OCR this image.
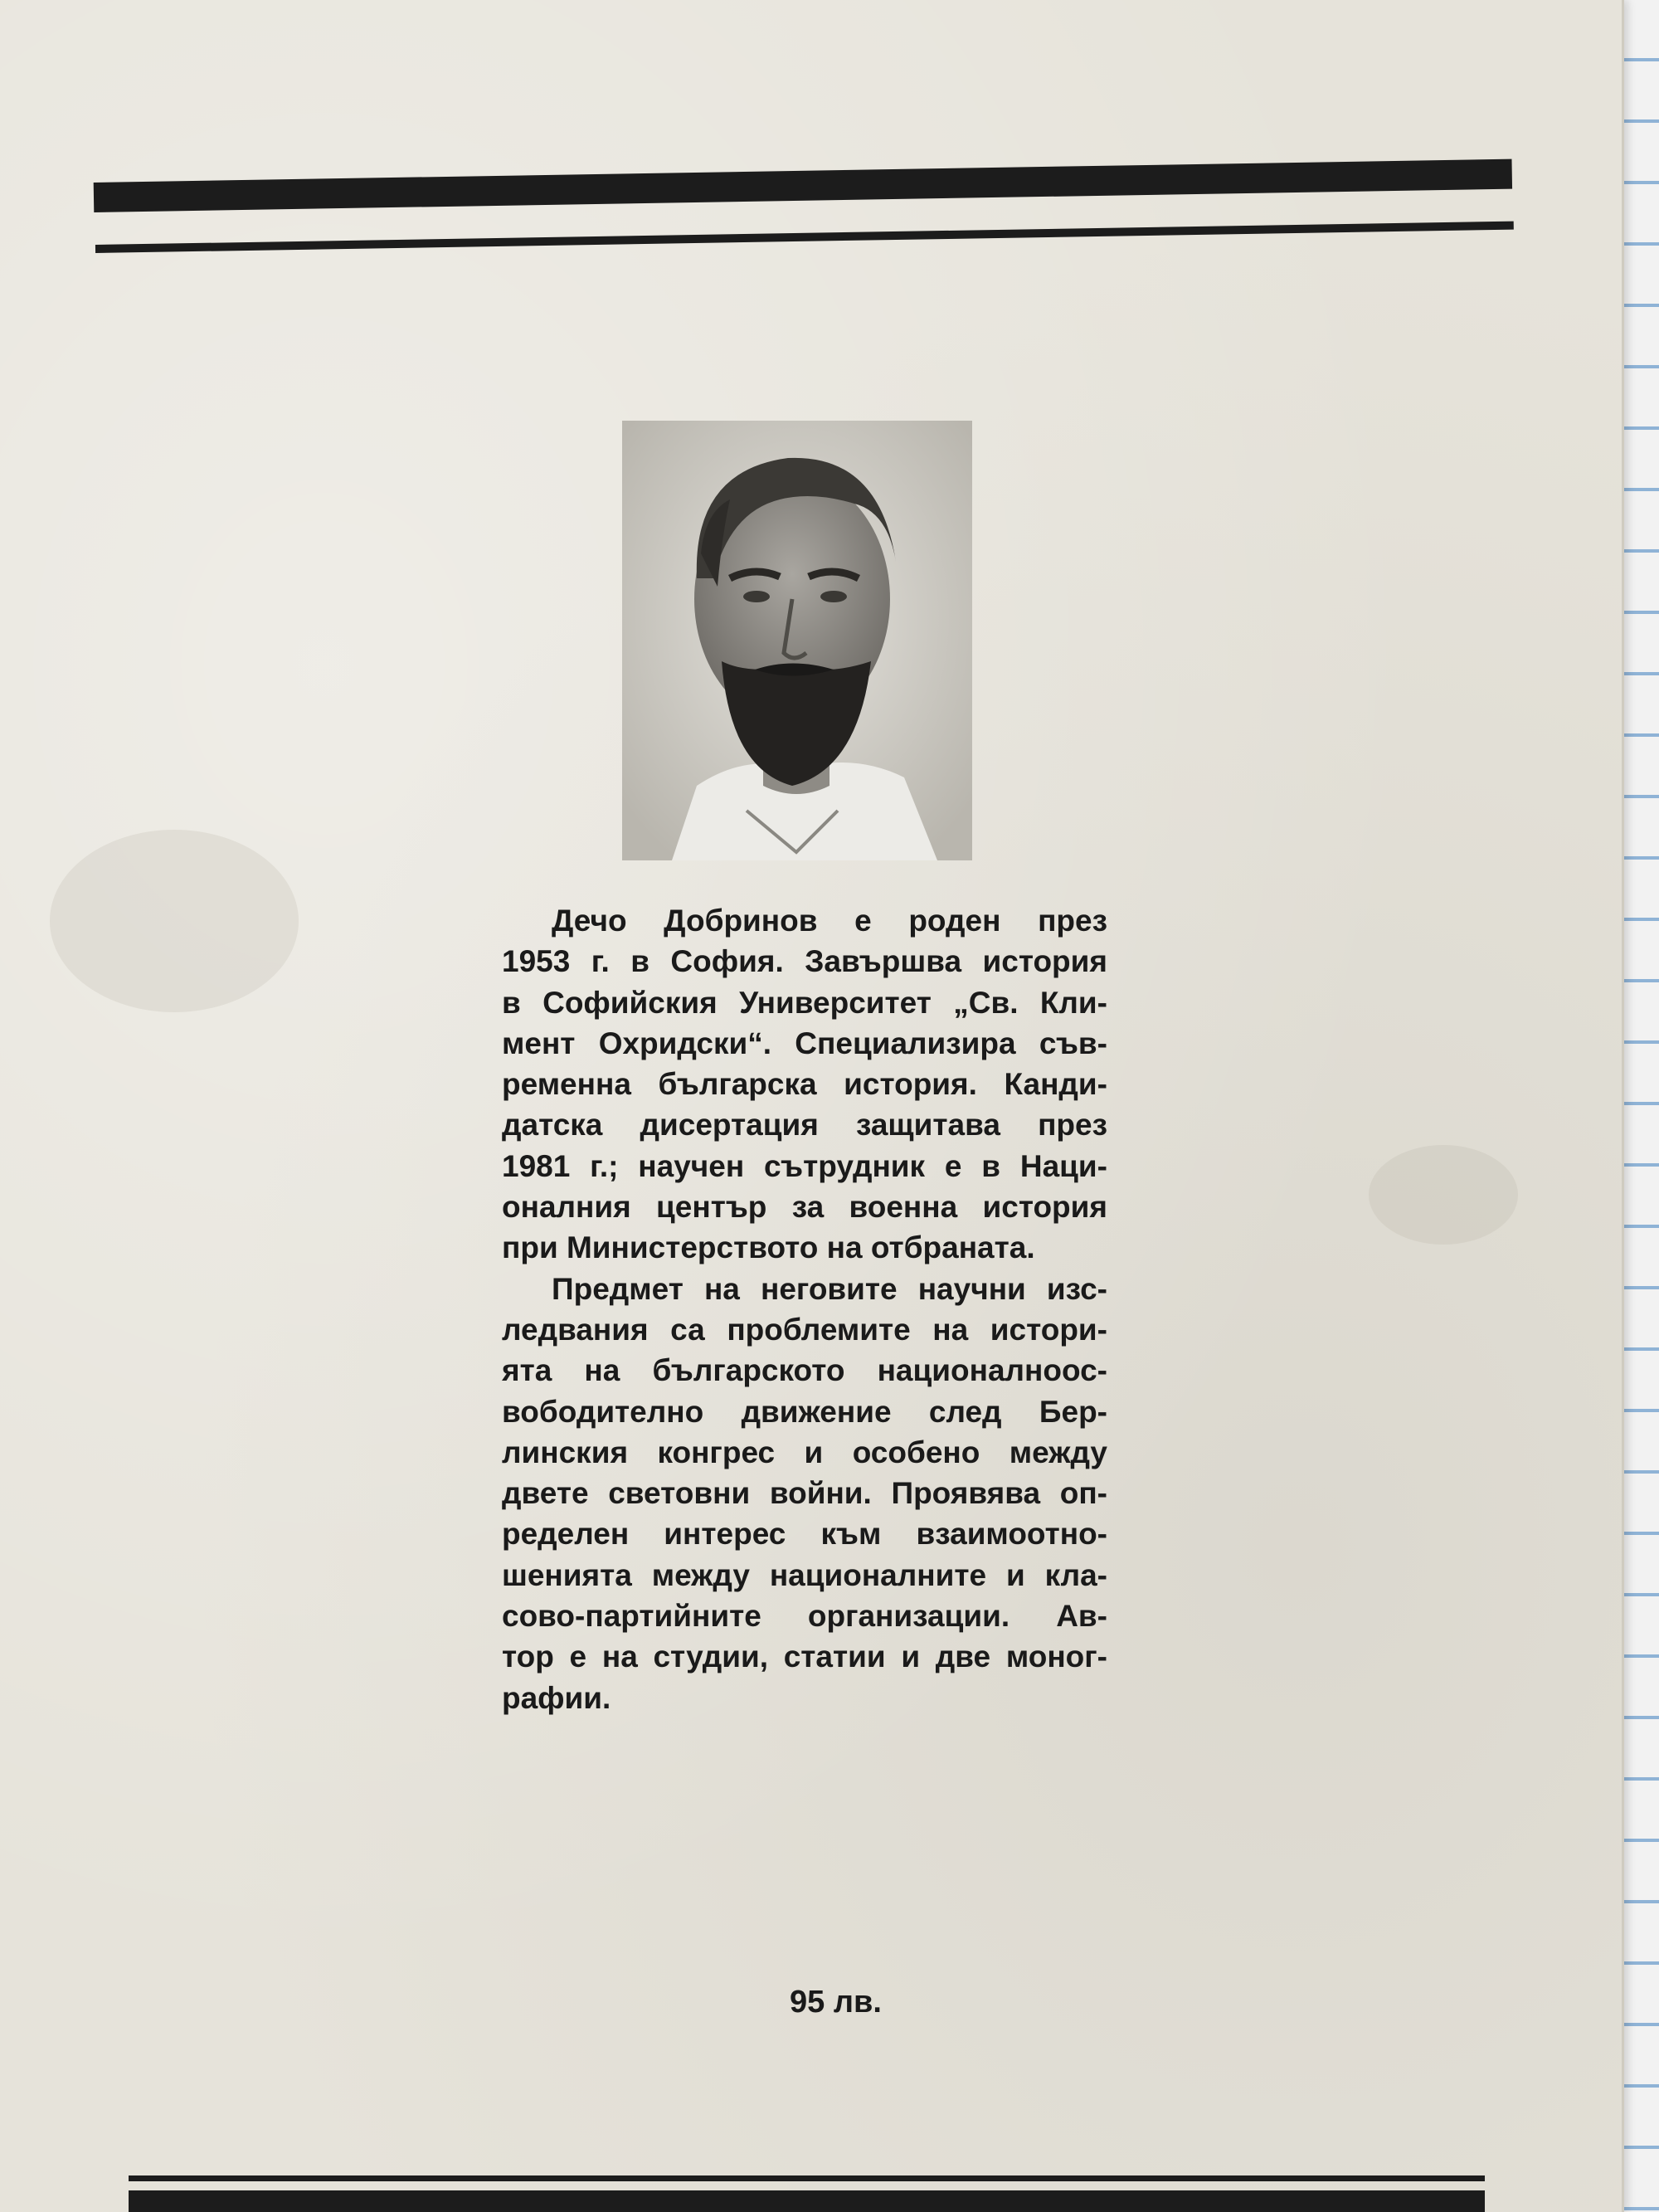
Дечо Добринов е роден през
1953 г. в София. Завършва история
в Софийския Университет „Св. Кли-
мент Охридски“. Специализира съв-
ременна българска история. Канди-
датска дисертация защитава през
1981 г.; научен сътрудник е в Наци-
оналния център за военна история
при Министерството на отбраната.

Предмет на неговите научни изс-
ледвания са проблемите на истори-
ята на българското националноос-
вободително движение след Бер-
линския конгрес и особено между
двете световни войни. Проявява оп-
ределен интерес към взаимоотно-
шенията между националните и кла-
сово-партийните организации. Ав-
тор е на студии, статии и две моног-
рафии.

95 лв.
